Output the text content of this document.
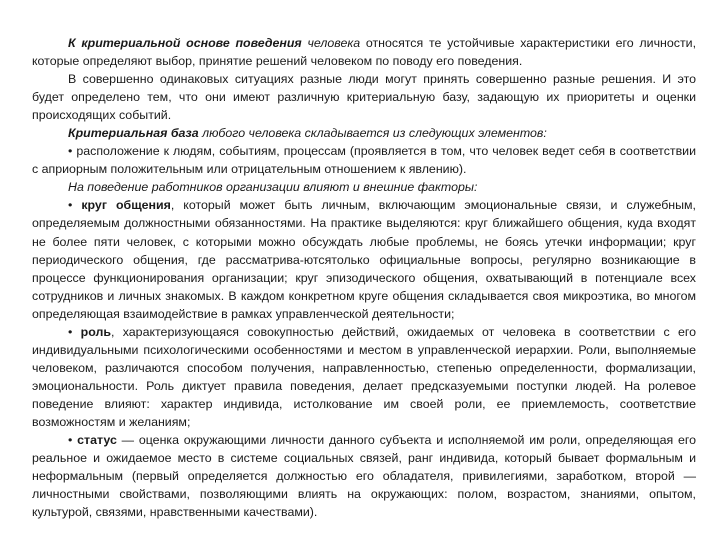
К критериальной основе поведения человека относятся те устойчивые характеристики его личности, которые определяют выбор, принятие решений человеком по поводу его поведения.

В совершенно одинаковых ситуациях разные люди могут принять совершенно разные решения. И это будет определено тем, что они имеют различную критериальную базу, задающую их приоритеты и оценки происходящих событий.

Критериальная база любого человека складывается из следующих элементов:

• расположение к людям, событиям, процессам (проявляется в том, что человек ведет себя в соответствии с априорным положительным или отрицательным отношением к явлению).

На поведение работников организации влияют и внешние факторы:

• круг общения, который может быть личным, включающим эмоциональные связи, и служебным, определяемым должностными обязанностями. На практике выделяются: круг ближайшего общения, куда входят не более пяти человек, с которыми можно обсуждать любые проблемы, не боясь утечки информации; круг периодического общения, где рассматрива-ютсятолько официальные вопросы, регулярно возникающие в процессе функционирования организации; круг эпизодического общения, охватывающий в потенциале всех сотрудников и личных знакомых. В каждом конкретном круге общения складывается своя микроэтика, во многом определяющая взаимодействие в рамках управленческой деятельности;

• роль, характеризующаяся совокупностью действий, ожидаемых от человека в соответствии с его индивидуальными психологическими особенностями и местом в управленческой иерархии. Роли, выполняемые человеком, различаются способом получения, направленностью, степенью определенности, формализации, эмоциональности. Роль диктует правила поведения, делает предсказуемыми поступки людей. На ролевое поведение влияют: характер индивида, истолкование им своей роли, ее приемлемость, соответствие возможностям и желаниям;

• статус — оценка окружающими личности данного субъекта и исполняемой им роли, определяющая его реальное и ожидаемое место в системе социальных связей, ранг индивида, который бывает формальным и неформальным (первый определяется должностью его обладателя, привилегиями, заработком, второй — личностными свойствами, позволяющими влиять на окружающих: полом, возрастом, знаниями, опытом, культурой, связями, нравственными качествами).
